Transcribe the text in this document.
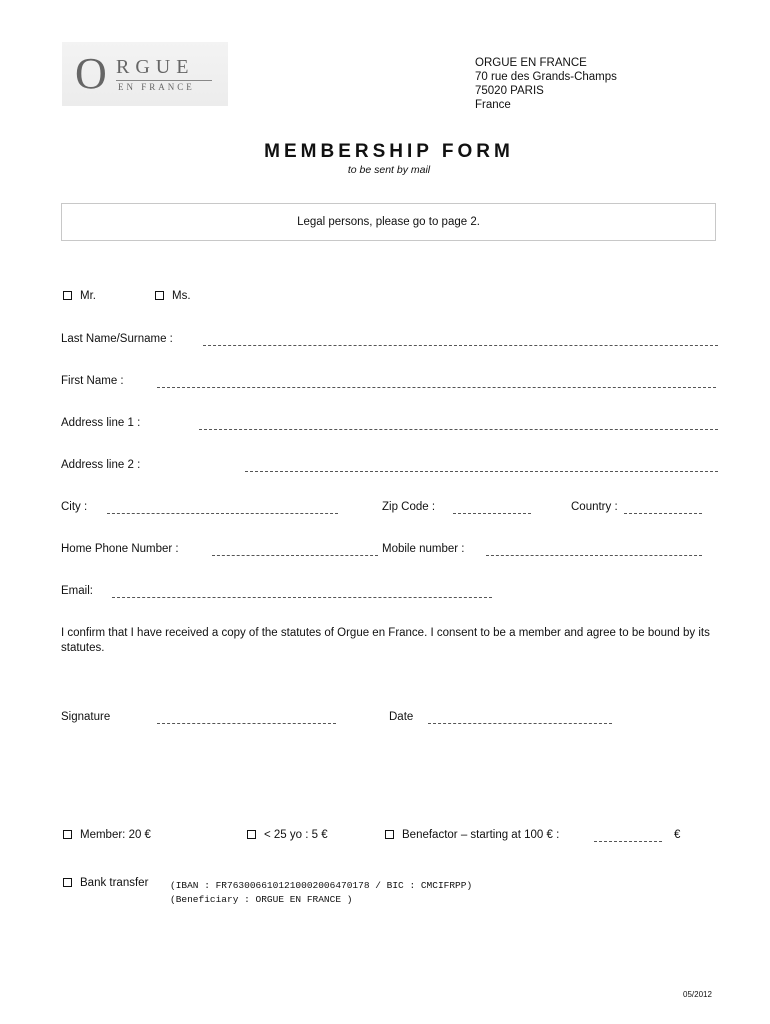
O RGUE
EN FRANCE
ORGUE EN FRANCE
70 rue des Grands-Champs
75020 PARIS
France
MEMBERSHIP FORM
to be sent by mail
Legal persons, please go to page 2.
Mr.	Ms.
Last Name/Surname :
First Name :
Address line 1 :
Address line 2 :
City :	Zip Code :	Country :
Home Phone Number :	Mobile number :
Email:
I confirm that I have received a copy of the statutes of Orgue en France. I consent to be a member and agree to be bound by its statutes.
Signature	Date
Member: 20 €	< 25 yo : 5 €	Benefactor – starting at 100 € :	€
Bank transfer (IBAN : FR7630066101210002006470178 / BIC : CMCIFRPP)
(Beneficiary : ORGUE EN FRANCE )
05/2012
